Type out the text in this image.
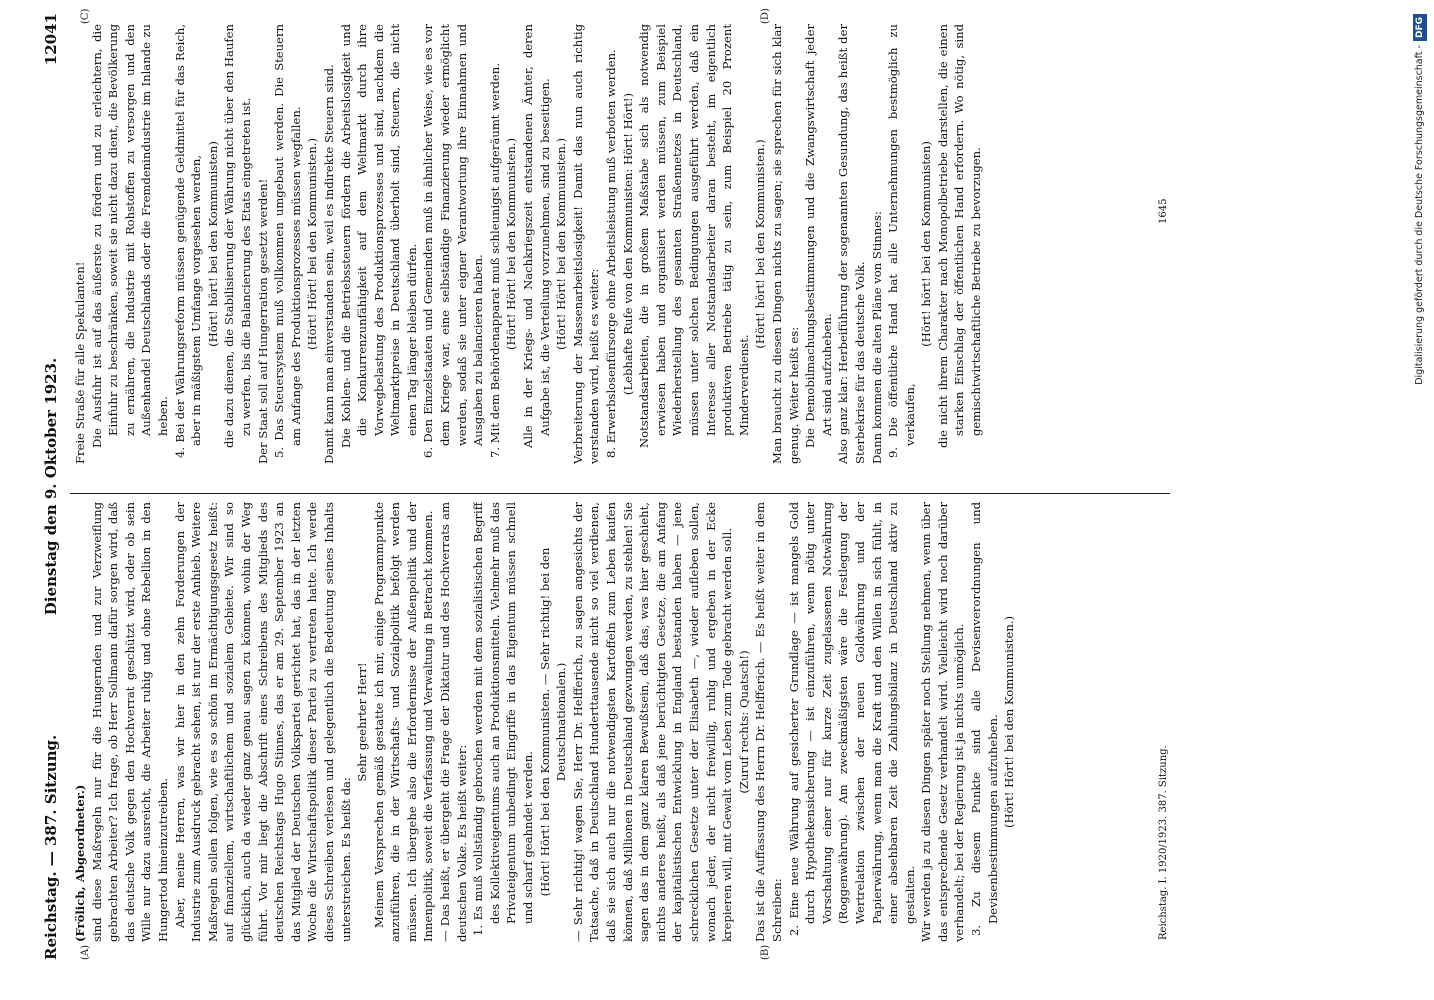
Reichstag. — 387. Sitzung.
Dienstag den 9. Oktober 1923.
12041
(A)	(B)
(C)	(D)

(Frölich, Abgeordneter.) sind diese Maßregeln nur für die Hungernden und zur Verzweiflung gebrachten Arbeiter? Ich frage, ob Herr Sollmann dafür sorgen wird, daß das deutsche Volk gegen den Hochverrat geschützt wird, oder ob sein Wille nur dazu ausreicht, die Arbeiter ruhig und ohne Rebellion in den Hungertod hineinzutreiben. Aber, meine Herren, was wir hier in den zehn Forderungen der Industrie zum Ausdruck gebracht sehen, ist nur der erste Anhieb. Weitere Maßregeln sollen folgen, wie es so schön im Ermächtigungsgesetz heißt: auf finanziellem, wirtschaftlichem und sozialem Gebiete. Wir sind so glücklich, auch da wieder ganz genau sagen zu können, wohin der Weg führt. Vor mir liegt die Abschrift eines Schreibens des Mitglieds des deutschen Reichstags Hugo Stinnes, das er am 29. September 1923 an das Mitglied der Deutschen Volkspartei gerichtet hat, das in der letzten Woche die Wirtschaftspolitik dieser Partei zu vertreten hatte. Ich werde dieses Schreiben verlesen und gelegentlich die Bedeutung seines Inhalts unterstreichen. Es heißt da:

Sehr geehrter Herr! Meinem Versprechen gemäß gestatte ich mir, einige Programmpunkte anzuführen, die in der Wirtschafts- und Sozialpolitik befolgt werden müssen. Ich übergehe also die Erfordernisse der Außenpolitik und der Innenpolitik, soweit die Verfassung und Verwaltung in Betracht kommen. — Das heißt, er übergeht die Frage der Diktatur und des Hochverrats am deutschen Volke. Es heißt weiter: 1. Es muß vollständig gebrochen werden mit dem sozialistischen Begriff des Kollektiveigentums auch an Produktionsmitteln. Vielmehr muß das Privateigentum unbedingt Eingriffe in das Eigentum müssen schnell und scharf geahndet werden. (Hört! Hört! bei den Kommunisten. — Sehr richtig! bei den Deutschnationalen.) — Sehr richtig! wagen Sie, Herr Dr. Helfferich, zu sagen angesichts der Tatsache, daß in Deutschland Hunderttausende nicht so viel verdienen, daß sie sich auch nur die notwendigsten Kartoffeln zum Leben kaufen können, daß Millionen in Deutschland gezwungen werden, zu stehlen! Sie sagen das in dem ganz klaren Bewußtsein, daß das, was hier geschieht, nichts anderes heißt, als daß jene berüchtigten Gesetze, die am Anfang der kapitalistischen Entwicklung in England bestanden haben — jene schrecklichen Gesetze unter der Elisabeth —, wieder aufleben sollen, wonach jeder, der nicht freiwillig, ruhig und ergeben in der Ecke krepieren will, mit Gewalt vom Leben zum Tode gebracht werden soll. (Zuruf rechts: Quatsch!) Das ist die Auffassung des Herrn Dr. Helfferich. — Es heißt weiter in dem Schreiben: 2. Eine neue Währung auf gesicherter Grundlage — ist mangels Gold durch Hypothekensicherung — ist einzuführen, wenn nötig unter Vorschaltung einer nur für kurze Zeit zugelassenen Notwährung (Roggenwährung). Am zweckmäßigsten wäre die Festlegung der Wertrelation zwischen der neuen Goldwährung und der Papierwährung, wenn man die Kraft und den Willen in sich fühlt, in einer absehbaren Zeit die Zahlungsbilanz in Deutschland aktiv zu gestalten. Wir werden ja zu diesen Dingen später noch Stellung nehmen, wenn über das entsprechende Gesetz verhandelt wird. Vielleicht wird noch darüber verhandelt; bei der Regierung ist ja nichts unmöglich. 3. Zu diesem Punkte sind alle Devisenverordnungen und Devisenbestimmungen aufzuheben. (Hört! Hört! bei den Kommunisten.)

Freie Straße für alle Spekulanten! Die Ausfuhr ist auf das äußerste zu fördern und zu erleichtern, die Einfuhr zu beschränken, soweit sie nicht dazu dient, die Bevölkerung zu ernähren, die Industrie mit Rohstoffen zu versorgen und den Außenhandel Deutschlands oder die Fremdenindustrie im Inlande zu heben. 4. Bei der Währungsreform müssen genügende Geldmittel für das Reich, aber in mäßigstem Umfange vorgesehen werden, (Hört! hört! bei den Kommunisten) die dazu dienen, die Stabilisierung der Währung nicht über den Haufen zu werfen, bis die Balancierung des Etats eingetreten ist. Der Staat soll auf Hungerration gesetzt werden! 5. Das Steuersystem muß vollkommen umgebaut werden. Die Steuern am Anfange des Produktionsprozesses müssen wegfallen. (Hört! Hört! bei den Kommunisten.) Damit kann man einverstanden sein, weil es indirekte Steuern sind. Die Kohlen- und die Betriebssteuern fördern die Arbeitslosigkeit und die Konkurrenzunfähigkeit auf dem Weltmarkt durch ihre Vorwegbelastung des Produktionsprozesses und sind, nachdem die Weltmarktpreise in Deutschland überholt sind, Steuern, die nicht einen Tag länger bleiben dürfen. 6. Den Einzelstaaten und Gemeinden muß in ähnlicher Weise, wie es vor dem Kriege war, eine selbständige Finanzierung wieder ermöglicht werden, sodaß sie unter eigner Verantwortung ihre Einnahmen und Ausgaben zu balancieren haben. 7. Mit dem Behördenapparat muß schleunigst aufgeräumt werden. (Hört! Hört! bei den Kommunisten.) Alle in der Kriegs- und Nachkriegszeit entstandenen Ämter, deren Aufgabe ist, die Verteilung vorzunehmen, sind zu beseitigen. (Hört! Hört! bei den Kommunisten.) Verbreiterung der Massenarbeitslosigkeit! Damit das nun auch richtig verstanden wird, heißt es weiter: 8. Erwerbslosenfürsorge ohne Arbeitsleistung muß verboten werden. (Lebhafte Rufe von den Kommunisten: Hört! Hört!) Notstandsarbeiten, die in großem Maßstabe sich als notwendig erwiesen haben und organisiert werden müssen, zum Beispiel Wiederherstellung des gesamten Straßennetzes in Deutschland, müssen unter solchen Bedingungen ausgeführt werden, daß ein Interesse aller Notstandsarbeiter daran besteht, im eigentlich produktiven Betriebe tätig zu sein, zum Beispiel 20 Prozent Minderverdienst.

(Hört! hört! bei den Kommunisten.) Man braucht zu diesen Dingen nichts zu sagen; sie sprechen für sich klar genug. Weiter heißt es: Die Demobilmachungsbestimmungen und die Zwangswirtschaft jeder Art sind aufzuheben. Also ganz klar: Herbeiführung der sogenannten Gesundung, das heißt der Sterbekrise für das deutsche Volk. Dann kommen die alten Pläne von Stinnes: 9. Die öffentliche Hand hat alle Unternehmungen bestmöglich zu verkaufen,

(Hört! hört! bei den Kommunisten) die nicht ihrem Charakter nach Monopolbetriebe darstellen, die einen starken Einschlag der öffentlichen Hand erfordern. Wo nötig, sind gemischtwirtschaftliche Betriebe zu bevorzugen.

Reichstag. I. 1920/1923. 387. Sitzung.
1645	Digitalisierung gefördert durch die Deutsche Forschungsgemeinschaft -DFG
